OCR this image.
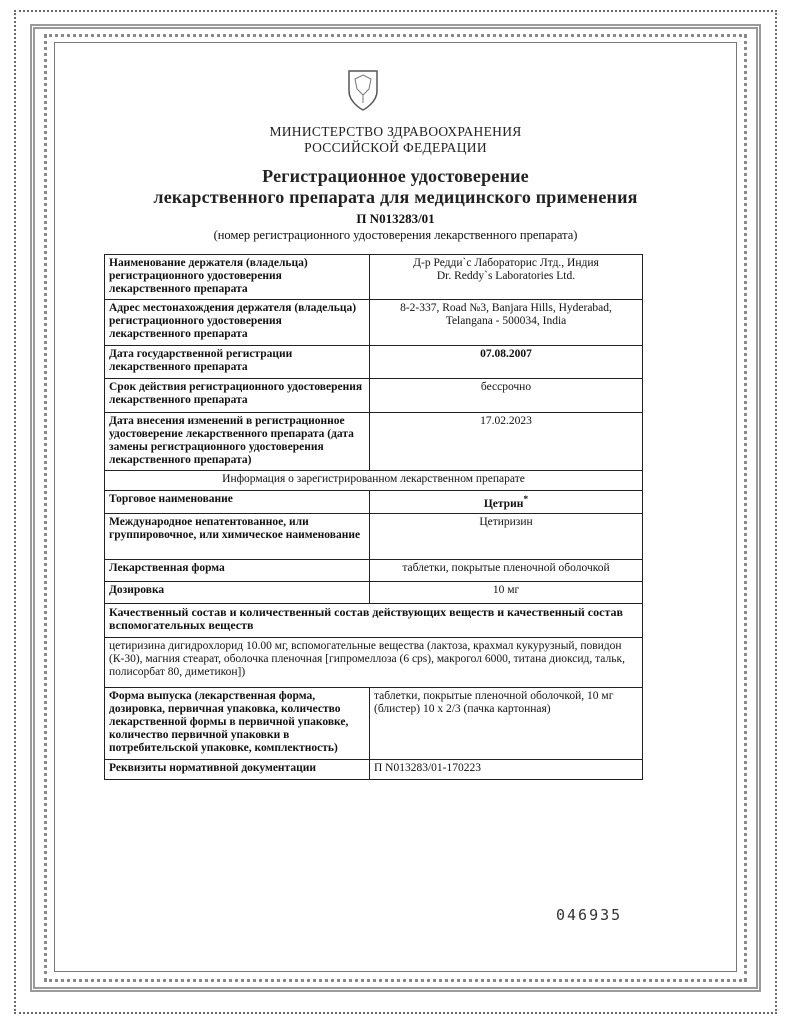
МИНИСТЕРСТВО ЗДРАВООХРАНЕНИЯ
РОССИЙСКОЙ ФЕДЕРАЦИИ
Регистрационное удостоверение
лекарственного препарата для медицинского применения
П N013283/01
(номер регистрационного удостоверения лекарственного препарата)
Наименование держателя (владельца) регистрационного удостоверения лекарственного препарата	Д-р Редди`с Лабораторис Лтд., Индия
Dr. Reddy`s Laboratories Ltd.

Адрес местонахождения держателя (владельца) регистрационного удостоверения лекарственного препарата	8-2-337, Road №3, Banjara Hills, Hyderabad,
Telangana - 500034, India

Дата государственной регистрации лекарственного препарата	07.08.2007
Срок действия регистрационного удостоверения лекарственного препарата	бессрочно
Дата внесения изменений в регистрационное удостоверение лекарственного препарата (дата замены регистрационного удостоверения лекарственного препарата)	17.02.2023
Информация о зарегистрированном лекарственном препарате	
Торговое наименование	Цетрин*
Международное непатентованное, или группировочное, или химическое наименование	Цетиризин
Лекарственная форма	таблетки, покрытые пленочной оболочкой
Дозировка	10 мг
Качественный состав и количественный состав действующих веществ и качественный состав вспомогательных веществ	
цетиризина дигидрохлорид 10.00 мг, вспомогательные вещества (лактоза, крахмал кукурузный, повидон (К-30), магния стеарат, оболочка пленочная [гипромеллоза (6 cps), макрогол 6000, титана диоксид, тальк, полисорбат 80, диметикон])	
Форма выпуска (лекарственная форма, дозировка, первичная упаковка, количество лекарственной формы в первичной упаковке, количество первичной упаковки в потребительской упаковке, комплектность)	таблетки, покрытые пленочной оболочкой, 10 мг (блистер) 10 x 2/3 (пачка картонная)
Реквизиты нормативной документации	П N013283/01-170223
046935
